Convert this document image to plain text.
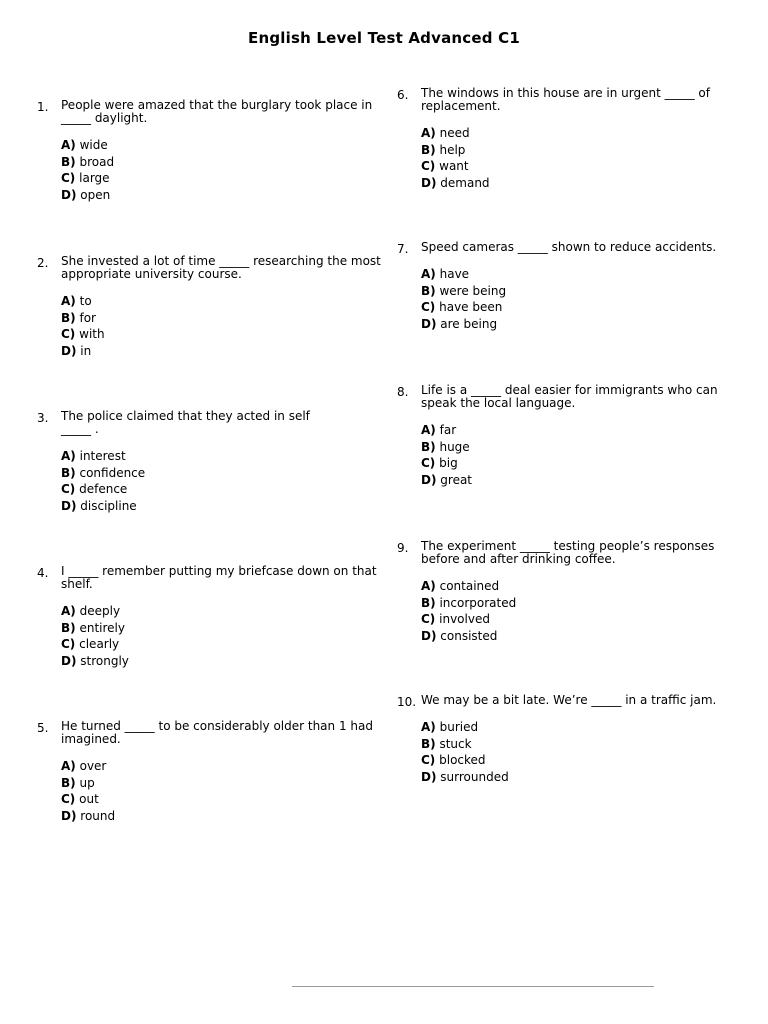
English Level Test Advanced C1
1. People were amazed that the burglary took place in _____ daylight.
A) wide
B) broad
C) large
D) open
2. She invested a lot of time _____ researching the most appropriate university course.
A) to
B) for
C) with
D) in
3. The police claimed that they acted in self _____ .
A) interest
B) confidence
C) defence
D) discipline
4. I _____ remember putting my briefcase down on that shelf.
A) deeply
B) entirely
C) clearly
D) strongly
5. He turned _____ to be considerably older than 1 had imagined.
A) over
B) up
C) out
D) round
6. The windows in this house are in urgent _____ of replacement.
A) need
B) help
C) want
D) demand
7. Speed cameras _____ shown to reduce accidents.
A) have
B) were being
C) have been
D) are being
8. Life is a _____ deal easier for immigrants who can speak the local language.
A) far
B) huge
C) big
D) great
9. The experiment _____ testing people’s responses before and after drinking coffee.
A) contained
B) incorporated
C) involved
D) consisted
10. We may be a bit late. We’re _____ in a traffic jam.
A) buried
B) stuck
C) blocked
D) surrounded
